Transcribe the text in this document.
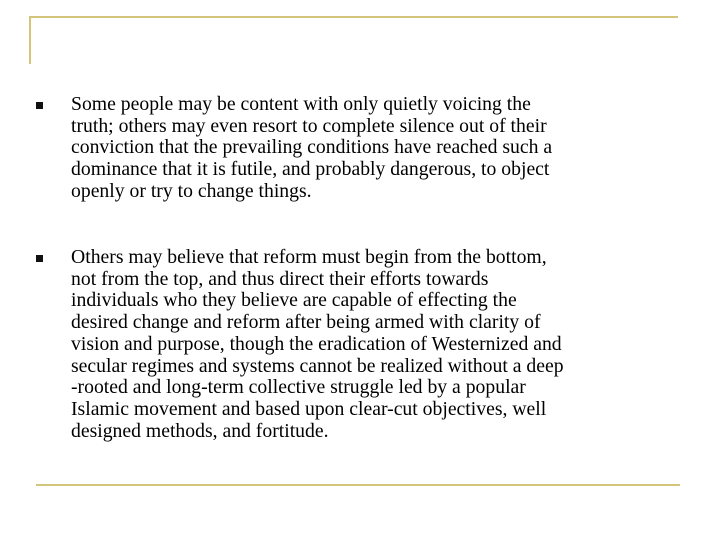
Some people may be content with only quietly voicing the
truth; others may even resort to complete silence out of their
conviction that the prevailing conditions have reached such a
dominance that it is futile, and probably dangerous, to object
openly or try to change things.

Others may believe that reform must begin from the bottom,
not from the top, and thus direct their efforts towards
individuals who they believe are capable of effecting the
desired change and reform after being armed with clarity of
vision and purpose, though the eradication of Westernized and
secular regimes and systems cannot be realized without a deep
-rooted and long-term collective struggle led by a popular
Islamic movement and based upon clear-cut objectives, well
designed methods, and fortitude.
